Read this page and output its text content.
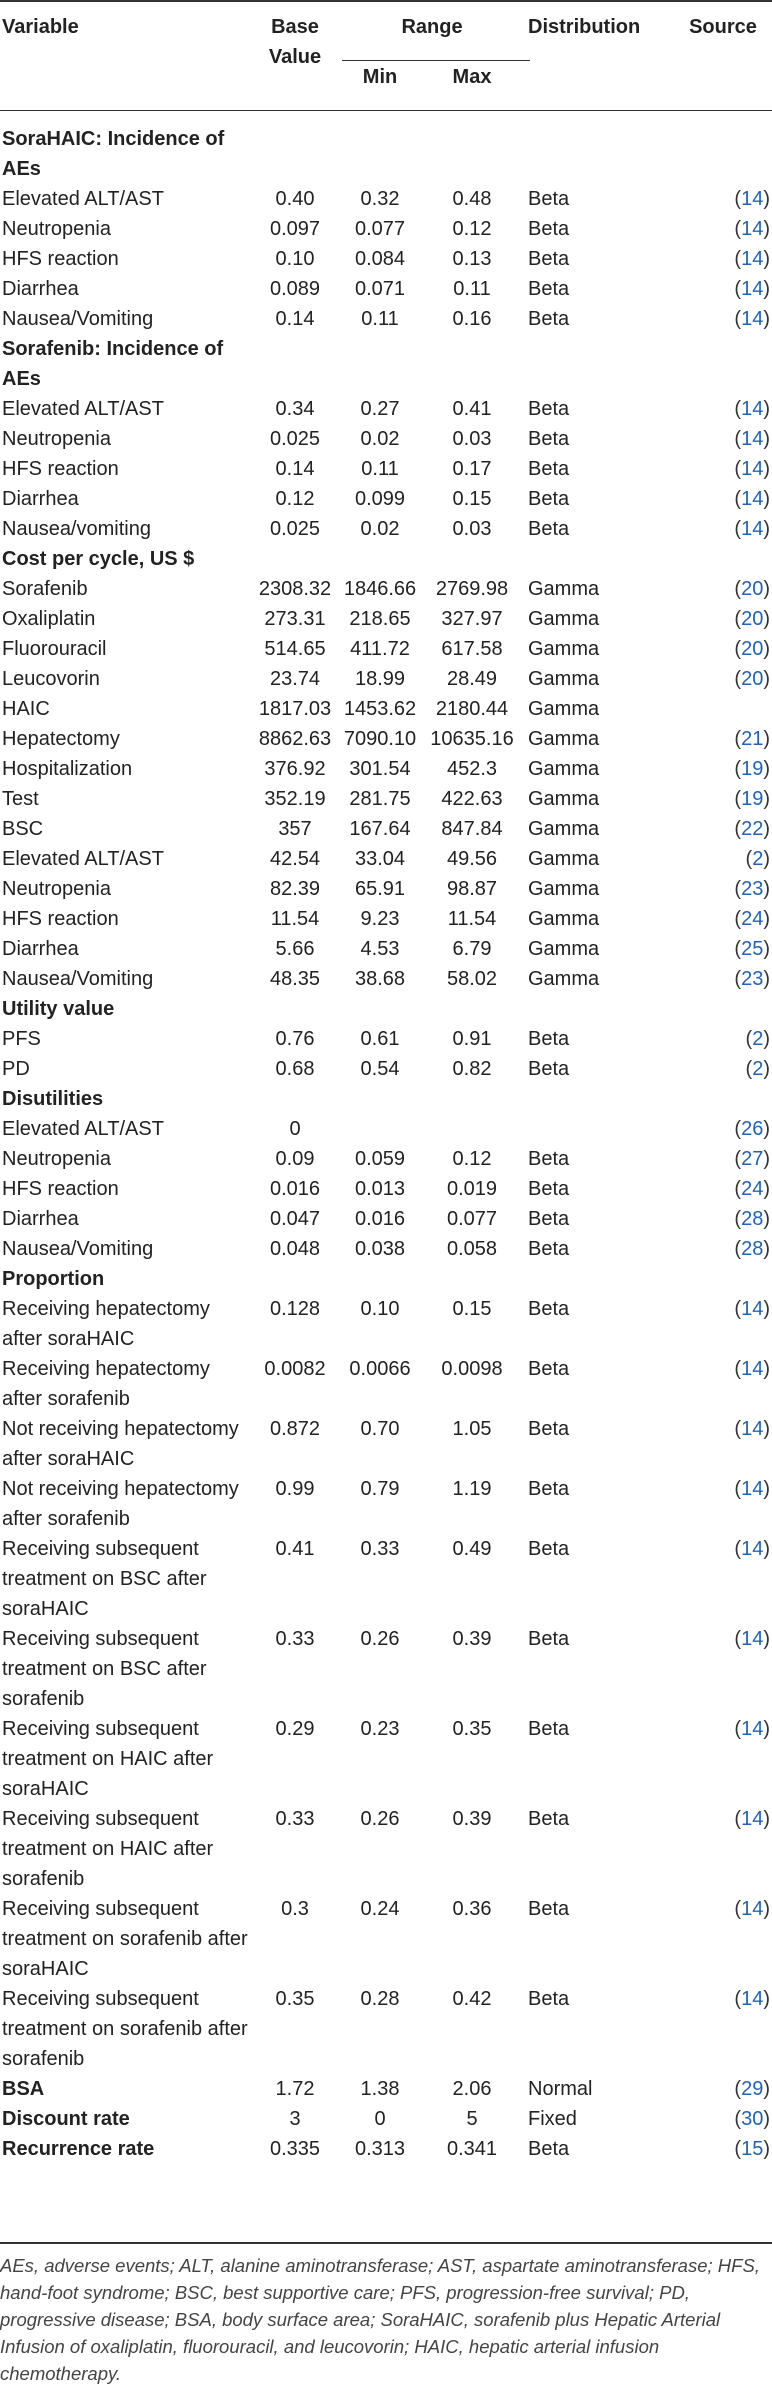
Variable	Base Value	Range		Distribution	Source
		Min	Max		

SoraHAIC: Incidence of AEs					
Elevated ALT/AST	0.40	0.32	0.48	Beta	(14)
Neutropenia	0.097	0.077	0.12	Beta	(14)
HFS reaction	0.10	0.084	0.13	Beta	(14)
Diarrhea	0.089	0.071	0.11	Beta	(14)
Nausea/Vomiting	0.14	0.11	0.16	Beta	(14)
Sorafenib: Incidence of AEs					
Elevated ALT/AST	0.34	0.27	0.41	Beta	(14)
Neutropenia	0.025	0.02	0.03	Beta	(14)
HFS reaction	0.14	0.11	0.17	Beta	(14)
Diarrhea	0.12	0.099	0.15	Beta	(14)
Nausea/vomiting	0.025	0.02	0.03	Beta	(14)
Cost per cycle, US $					
Sorafenib	2308.32	1846.66	2769.98	Gamma	(20)
Oxaliplatin	273.31	218.65	327.97	Gamma	(20)
Fluorouracil	514.65	411.72	617.58	Gamma	(20)
Leucovorin	23.74	18.99	28.49	Gamma	(20)
HAIC	1817.03	1453.62	2180.44	Gamma	
Hepatectomy	8862.63	7090.10	10635.16	Gamma	(21)
Hospitalization	376.92	301.54	452.3	Gamma	(19)
Test	352.19	281.75	422.63	Gamma	(19)
BSC	357	167.64	847.84	Gamma	(22)
Elevated ALT/AST	42.54	33.04	49.56	Gamma	(2)
Neutropenia	82.39	65.91	98.87	Gamma	(23)
HFS reaction	11.54	9.23	11.54	Gamma	(24)
Diarrhea	5.66	4.53	6.79	Gamma	(25)
Nausea/Vomiting	48.35	38.68	58.02	Gamma	(23)
Utility value					
PFS	0.76	0.61	0.91	Beta	(2)
PD	0.68	0.54	0.82	Beta	(2)
Disutilities					
Elevated ALT/AST	0				(26)
Neutropenia	0.09	0.059	0.12	Beta	(27)
HFS reaction	0.016	0.013	0.019	Beta	(24)
Diarrhea	0.047	0.016	0.077	Beta	(28)
Nausea/Vomiting	0.048	0.038	0.058	Beta	(28)
Proportion					
Receiving hepatectomy after soraHAIC	0.128	0.10	0.15	Beta	(14)
Receiving hepatectomy after sorafenib	0.0082	0.0066	0.0098	Beta	(14)
Not receiving hepatectomy after soraHAIC	0.872	0.70	1.05	Beta	(14)
Not receiving hepatectomy after sorafenib	0.99	0.79	1.19	Beta	(14)
Receiving subsequent treatment on BSC after soraHAIC	0.41	0.33	0.49	Beta	(14)
Receiving subsequent treatment on BSC after sorafenib	0.33	0.26	0.39	Beta	(14)
Receiving subsequent treatment on HAIC after soraHAIC	0.29	0.23	0.35	Beta	(14)
Receiving subsequent treatment on HAIC after sorafenib	0.33	0.26	0.39	Beta	(14)
Receiving subsequent treatment on sorafenib after soraHAIC	0.3	0.24	0.36	Beta	(14)
Receiving subsequent treatment on sorafenib after sorafenib	0.35	0.28	0.42	Beta	(14)
BSA	1.72	1.38	2.06	Normal	(29)
Discount rate	3	0	5	Fixed	(30)
Recurrence rate	0.335	0.313	0.341	Beta	(15)
AEs, adverse events; ALT, alanine aminotransferase; AST, aspartate aminotransferase; HFS, hand-foot syndrome; BSC, best supportive care; PFS, progression-free survival; PD, progressive disease; BSA, body surface area; SoraHAIC, sorafenib plus Hepatic Arterial Infusion of oxaliplatin, fluorouracil, and leucovorin; HAIC, hepatic arterial infusion chemotherapy.
